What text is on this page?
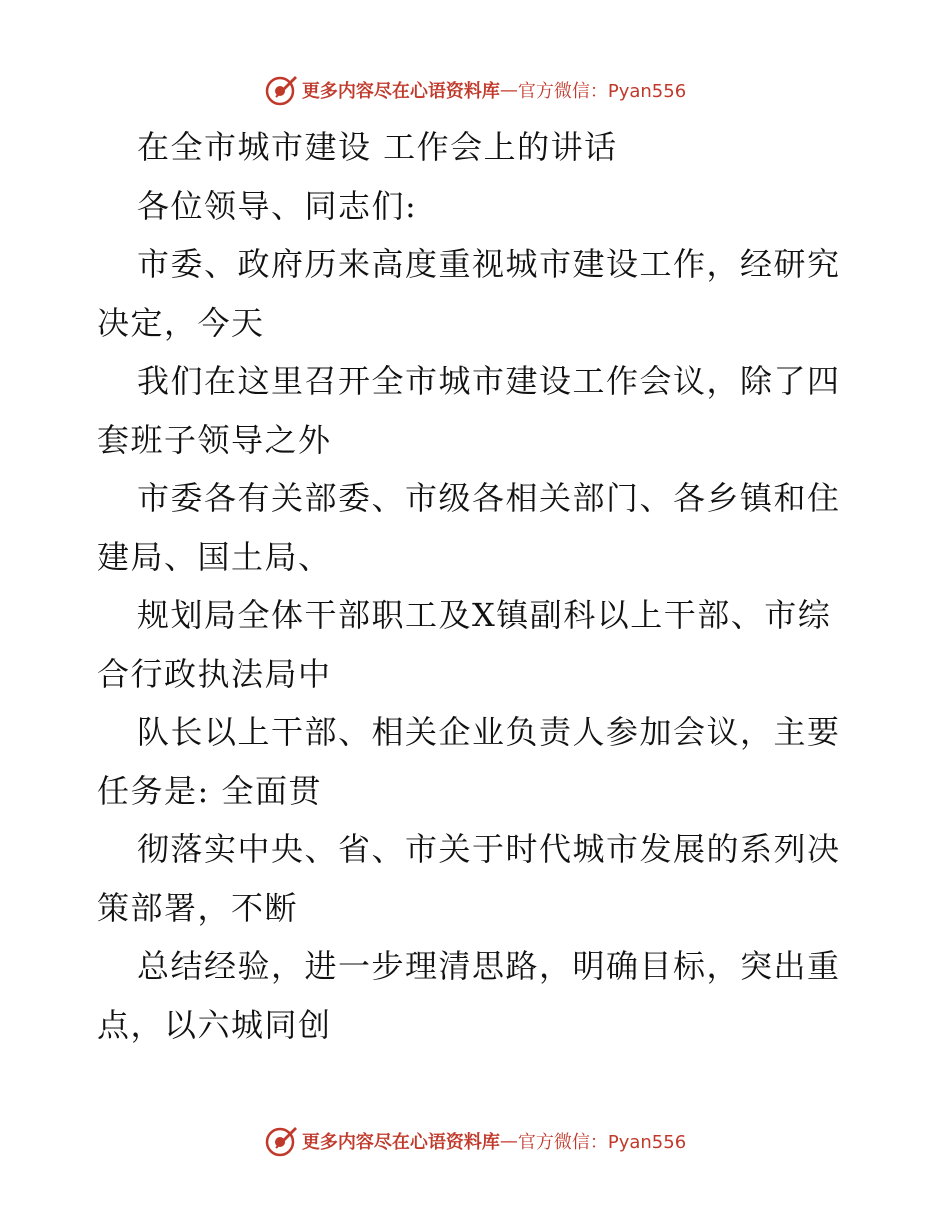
更多内容尽在心语资料库 — 官方微信：Pyan556
在全市城市建设 工作会上的讲话
各位领导、同志们:
市委、政府历来高度重视城市建设工作，经研究
决定，今天
我们在这里召开全市城市建设工作会议，除了四
套班子领导之外
市委各有关部委、市级各相关部门、各乡镇和住
建局、国土局、
规划局全体干部职工及X镇副科以上干部、市综
合行政执法局中
队长以上干部、相关企业负责人参加会议，主要
任务是: 全面贯
彻落实中央、省、市关于时代城市发展的系列决
策部署，不断
总结经验，进一步理清思路，明确目标，突出重
点，以六城同创
更多内容尽在心语资料库 — 官方微信：Pyan556
